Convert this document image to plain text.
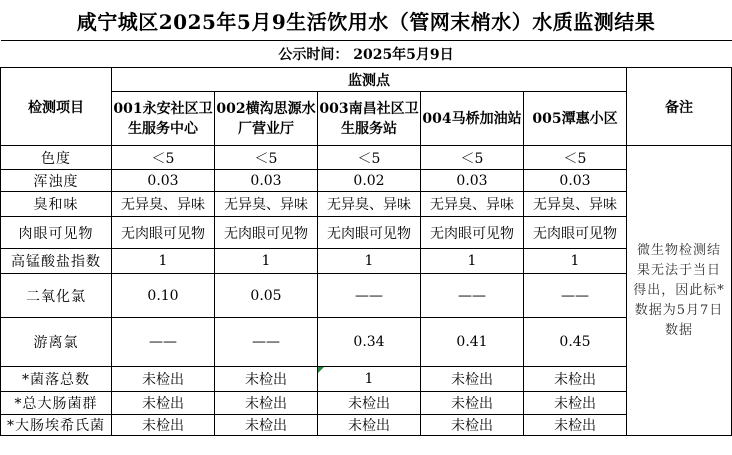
咸宁城区2025年5月9生活饮用水（管网末梢水）水质监测结果						
公示时间： 2025年5月9日						
检测项目	监测点					备注
	001永安社区卫生服务中心	002横沟思源水厂营业厅	003南昌社区卫生服务站	004马桥加油站	005潭惠小区	
色度	＜5	＜5	＜5	＜5	＜5	微生物检测结果无法于当日得出，因此标*数据为5月7日数据
浑浊度	0.03	0.03	0.02	0.03	0.03	
臭和味	无异臭、异味	无异臭、异味	无异臭、异味	无异臭、异味	无异臭、异味	
肉眼可见物	无肉眼可见物	无肉眼可见物	无肉眼可见物	无肉眼可见物	无肉眼可见物	
高锰酸盐指数	1	1	1	1	1	
二氧化氯	0.10	0.05	——	——	——	
游离氯	——	——	0.34	0.41	0.45	
*菌落总数	未检出	未检出	1	未检出	未检出	
*总大肠菌群	未检出	未检出	未检出	未检出	未检出	
*大肠埃希氏菌	未检出	未检出	未检出	未检出	未检出	
